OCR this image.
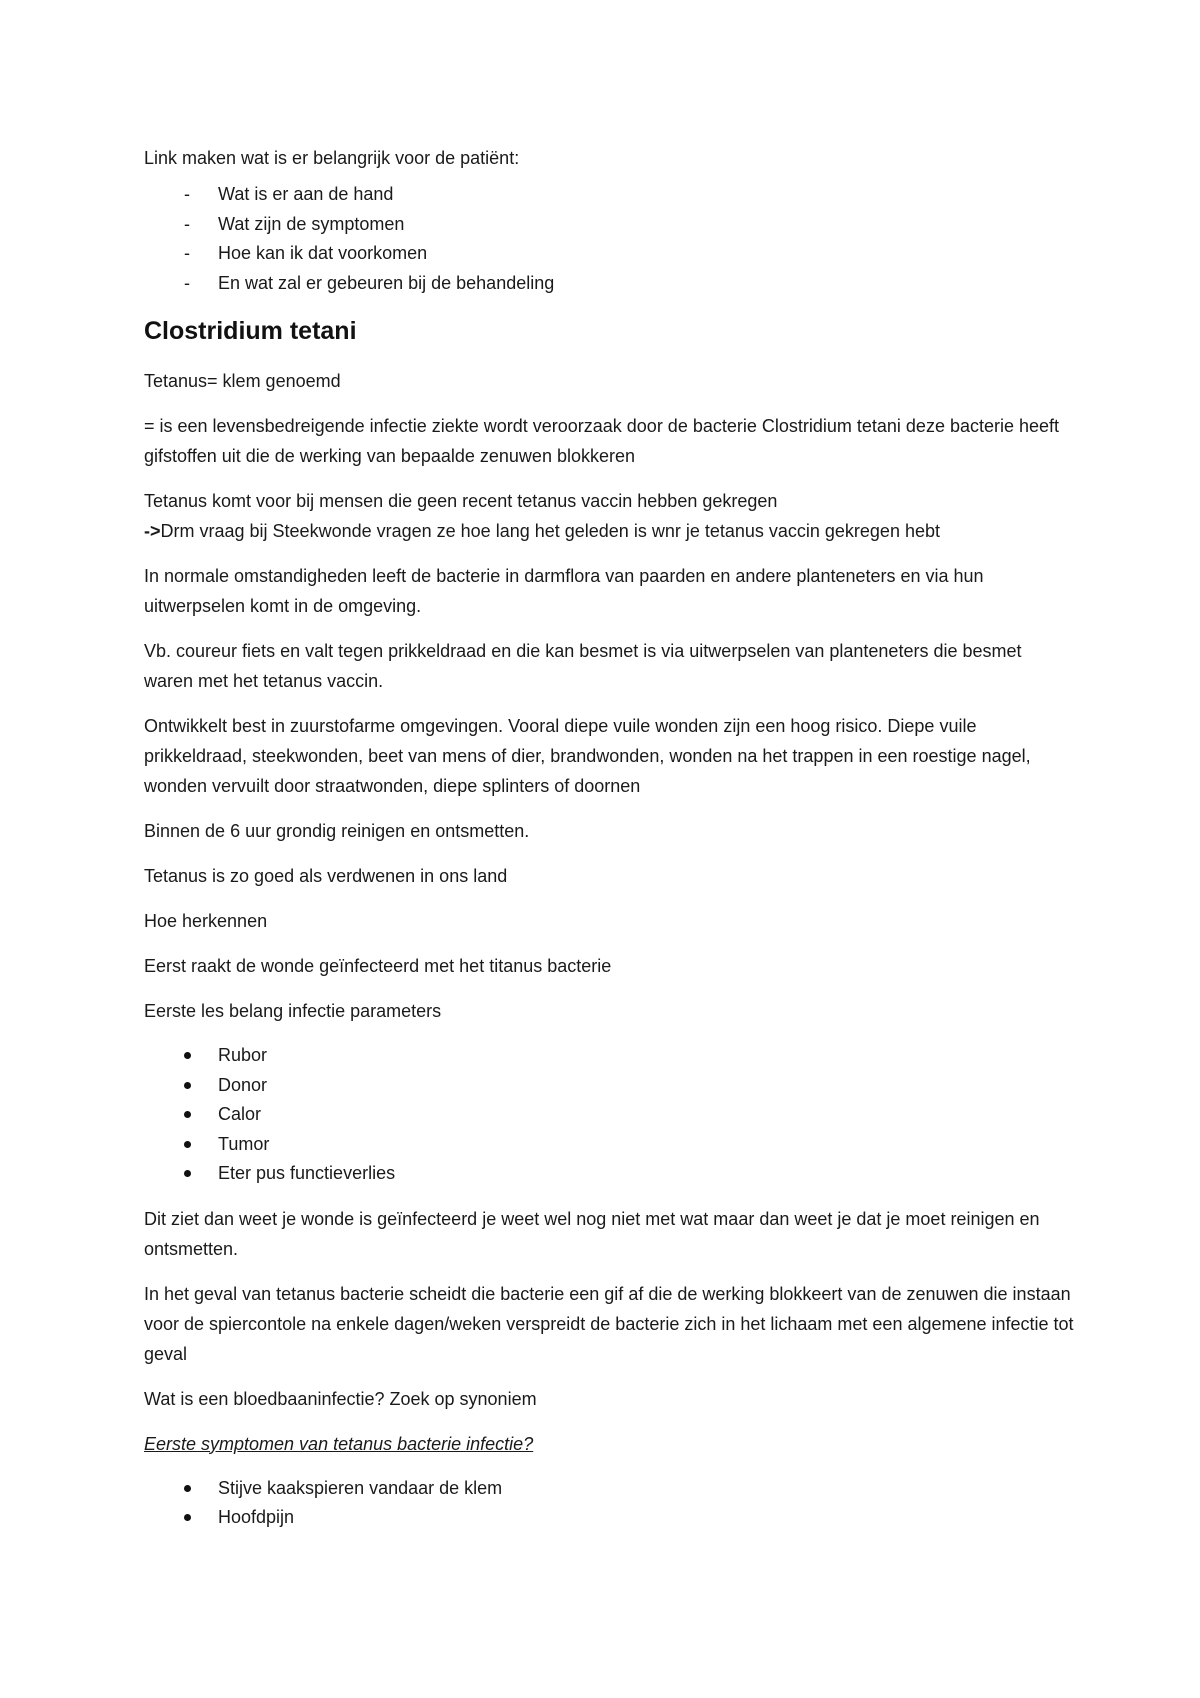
Link maken wat is er belangrijk voor de patiënt:

- Wat is er aan de hand
- Wat zijn de symptomen
- Hoe kan ik dat voorkomen
- En wat zal er gebeuren bij de behandeling
Clostridium tetani

Tetanus= klem genoemd

= is een levensbedreigende infectie ziekte wordt veroorzaak door de bacterie Clostridium tetani deze bacterie heeft gifstoffen uit die de werking van bepaalde zenuwen blokkeren

Tetanus komt voor bij mensen die geen recent tetanus vaccin hebben gekregen
->Drm vraag bij Steekwonde vragen ze hoe lang het geleden is wnr je tetanus vaccin gekregen hebt

In normale omstandigheden leeft de bacterie in darmflora van paarden en andere planteneters en via hun uitwerpselen komt in de omgeving.

Vb. coureur fiets en valt tegen prikkeldraad en die kan besmet is via uitwerpselen van planteneters die besmet waren met het tetanus vaccin.

Ontwikkelt best in zuurstofarme omgevingen. Vooral diepe vuile wonden zijn een hoog risico. Diepe vuile prikkeldraad, steekwonden, beet van mens of dier, brandwonden, wonden na het trappen in een roestige nagel, wonden vervuilt door straatwonden, diepe splinters of doornen

Binnen de 6 uur grondig reinigen en ontsmetten.

Tetanus is zo goed als verdwenen in ons land

Hoe herkennen

Eerst raakt de wonde geïnfecteerd met het titanus bacterie

Eerste les belang infectie parameters

Rubor
Donor
Calor
Tumor
Eter pus functieverlies

Dit ziet dan weet je wonde is geïnfecteerd je weet wel nog niet met wat maar dan weet je dat je moet reinigen en ontsmetten.

In het geval van tetanus bacterie scheidt die bacterie een gif af die de werking blokkeert van de zenuwen die instaan voor de spiercontole na enkele dagen/weken verspreidt de bacterie zich in het lichaam met een algemene infectie tot geval

Wat is een bloedbaaninfectie? Zoek op synoniem

Eerste symptomen van tetanus bacterie infectie?

Stijve kaakspieren vandaar de klem
Hoofdpijn
